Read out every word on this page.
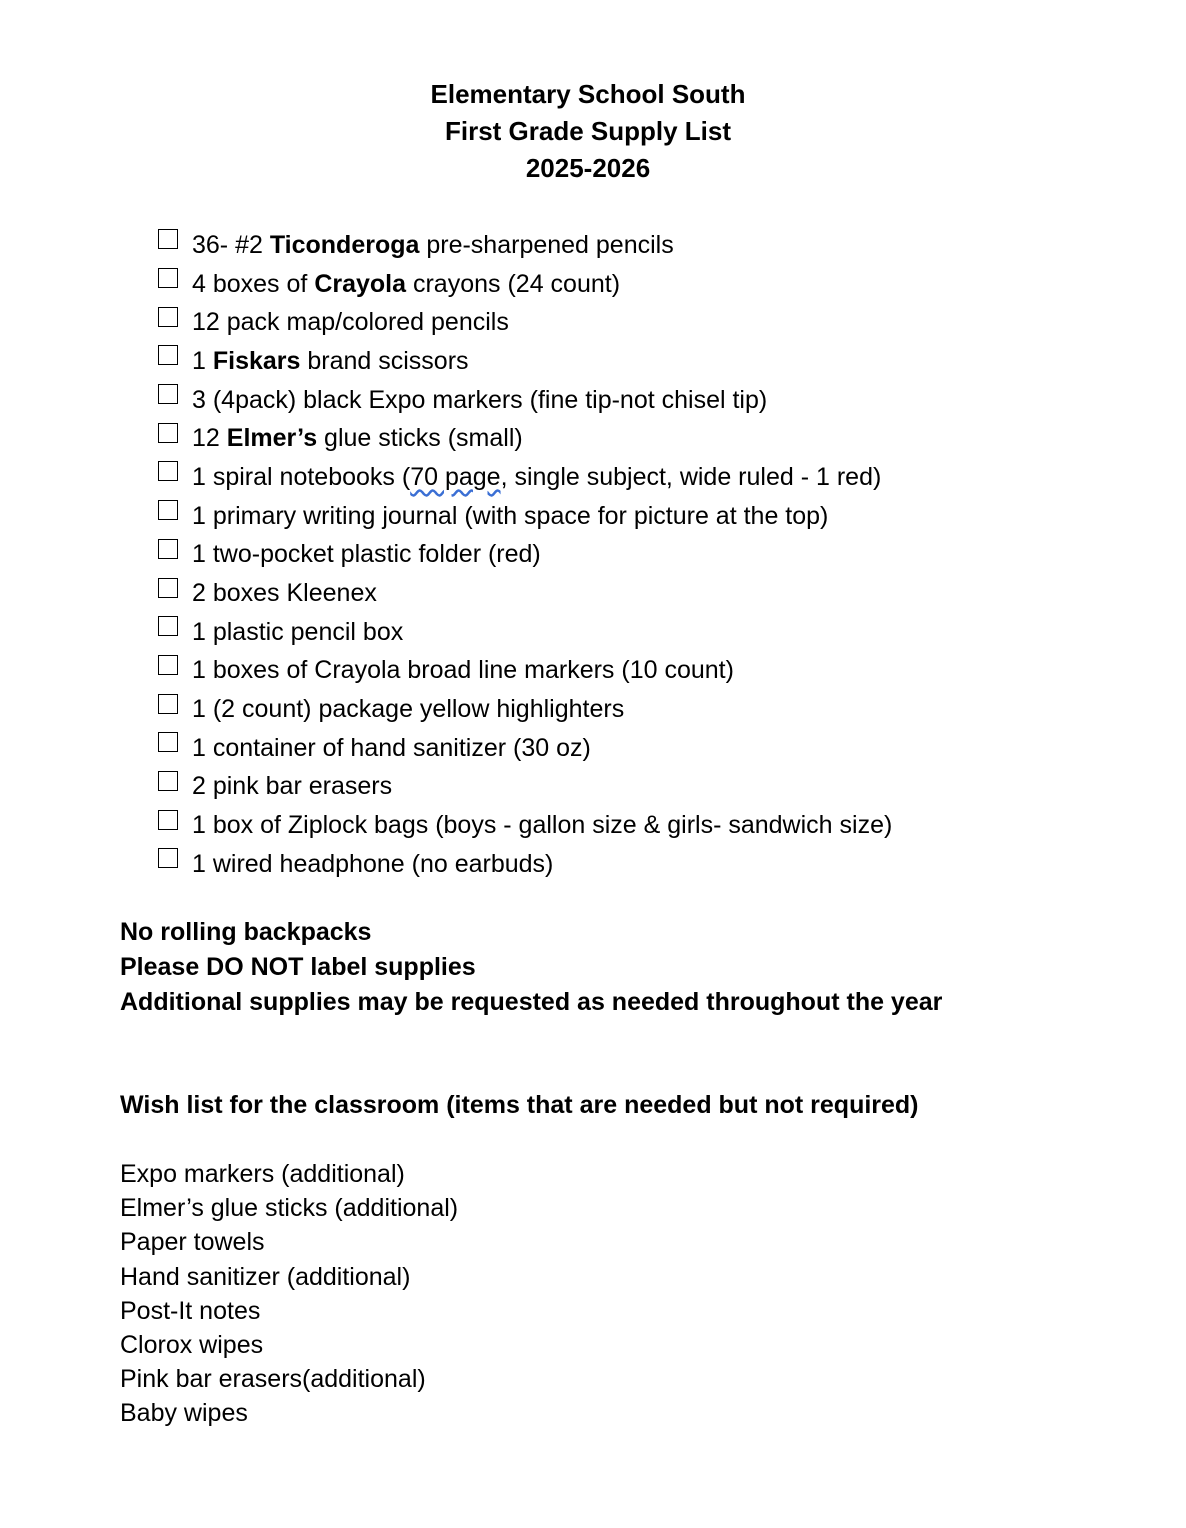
Elementary School South
First Grade Supply List
2025-2026
36- #2 Ticonderoga pre-sharpened pencils
4 boxes of Crayola crayons (24 count)
12 pack map/colored pencils
1 Fiskars brand scissors
3 (4pack) black Expo markers (fine tip-not chisel tip)
12 Elmer’s glue sticks (small)
1 spiral notebooks (70 page, single subject, wide ruled - 1 red)
1 primary writing journal (with space for picture at the top)
1 two-pocket plastic folder (red)
2 boxes Kleenex
1 plastic pencil box
1 boxes of Crayola broad line markers (10 count)
1 (2 count) package yellow highlighters
1 container of hand sanitizer (30 oz)
2 pink bar erasers
1 box of Ziplock bags (boys - gallon size & girls- sandwich size)
1 wired headphone (no earbuds)
No rolling backpacks
Please DO NOT label supplies
Additional supplies may be requested as needed throughout the year
Wish list for the classroom (items that are needed but not required)
Expo markers (additional)
Elmer’s glue sticks (additional)
Paper towels
Hand sanitizer (additional)
Post-It notes
Clorox wipes
Pink bar erasers(additional)
Baby wipes
